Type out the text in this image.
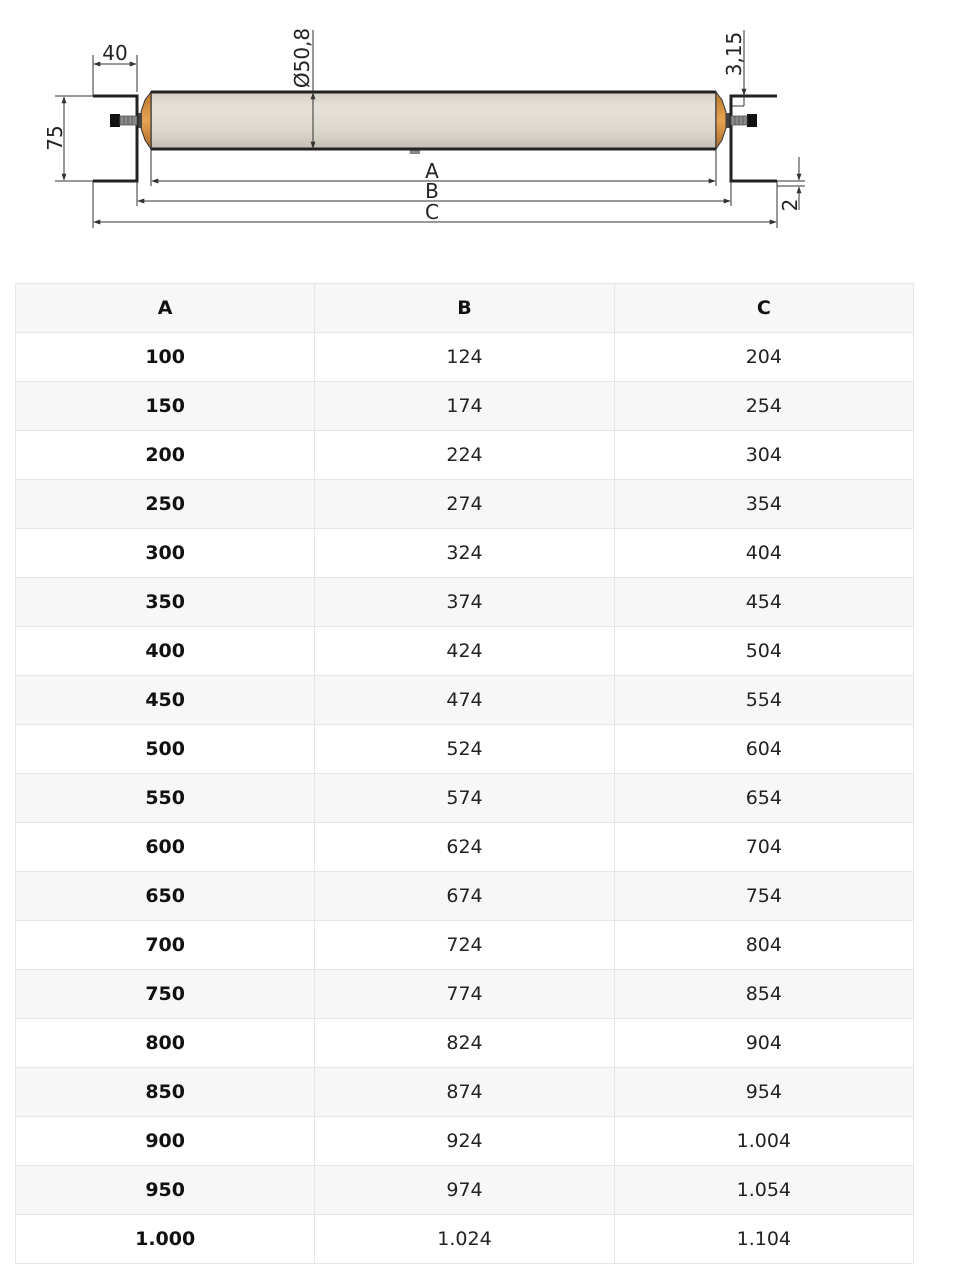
40
75
Ø50,8	3,15
2
A
B
C
A	B	C
100	124	204
150	174	254
200	224	304
250	274	354
300	324	404
350	374	454
400	424	504
450	474	554
500	524	604
550	574	654
600	624	704
650	674	754
700	724	804
750	774	854
800	824	904
850	874	954
900	924	1.004
950	974	1.054
1.000	1.024	1.104
